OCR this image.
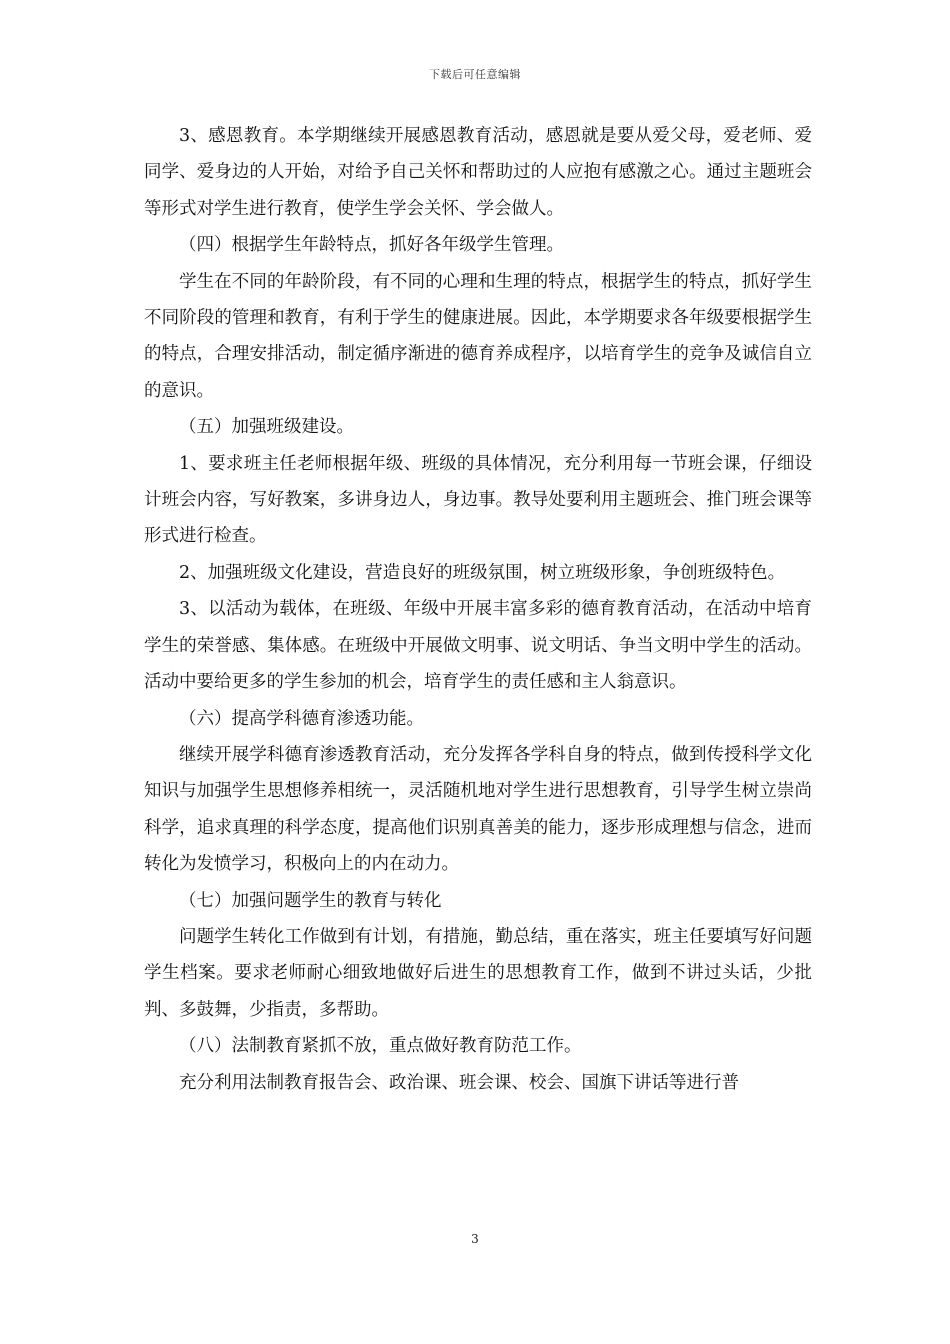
下载后可任意编辑

3、感恩教育。本学期继续开展感恩教育活动，感恩就是要从爱父母，爱老师、爱同学、爱身边的人开始，对给予自己关怀和帮助过的人应抱有感激之心。通过主题班会等形式对学生进行教育，使学生学会关怀、学会做人。

（四）根据学生年龄特点，抓好各年级学生管理。

学生在不同的年龄阶段，有不同的心理和生理的特点，根据学生的特点，抓好学生不同阶段的管理和教育，有利于学生的健康进展。因此，本学期要求各年级要根据学生的特点，合理安排活动，制定循序渐进的德育养成程序，以培育学生的竞争及诚信自立的意识。

（五）加强班级建设。

1、要求班主任老师根据年级、班级的具体情况，充分利用每一节班会课，仔细设计班会内容，写好教案，多讲身边人，身边事。教导处要利用主题班会、推门班会课等形式进行检查。

2、加强班级文化建设，营造良好的班级氛围，树立班级形象，争创班级特色。

3、以活动为载体，在班级、年级中开展丰富多彩的德育教育活动，在活动中培育学生的荣誉感、集体感。在班级中开展做文明事、说文明话、争当文明中学生的活动。活动中要给更多的学生参加的机会，培育学生的责任感和主人翁意识。

（六）提高学科德育渗透功能。

继续开展学科德育渗透教育活动，充分发挥各学科自身的特点，做到传授科学文化知识与加强学生思想修养相统一，灵活随机地对学生进行思想教育，引导学生树立崇尚科学，追求真理的科学态度，提高他们识别真善美的能力，逐步形成理想与信念，进而转化为发愤学习，积极向上的内在动力。

（七）加强问题学生的教育与转化

问题学生转化工作做到有计划，有措施，勤总结，重在落实，班主任要填写好问题学生档案。要求老师耐心细致地做好后进生的思想教育工作，做到不讲过头话，少批判、多鼓舞，少指责，多帮助。

（八）法制教育紧抓不放，重点做好教育防范工作。

充分利用法制教育报告会、政治课、班会课、校会、国旗下讲话等进行普

3
